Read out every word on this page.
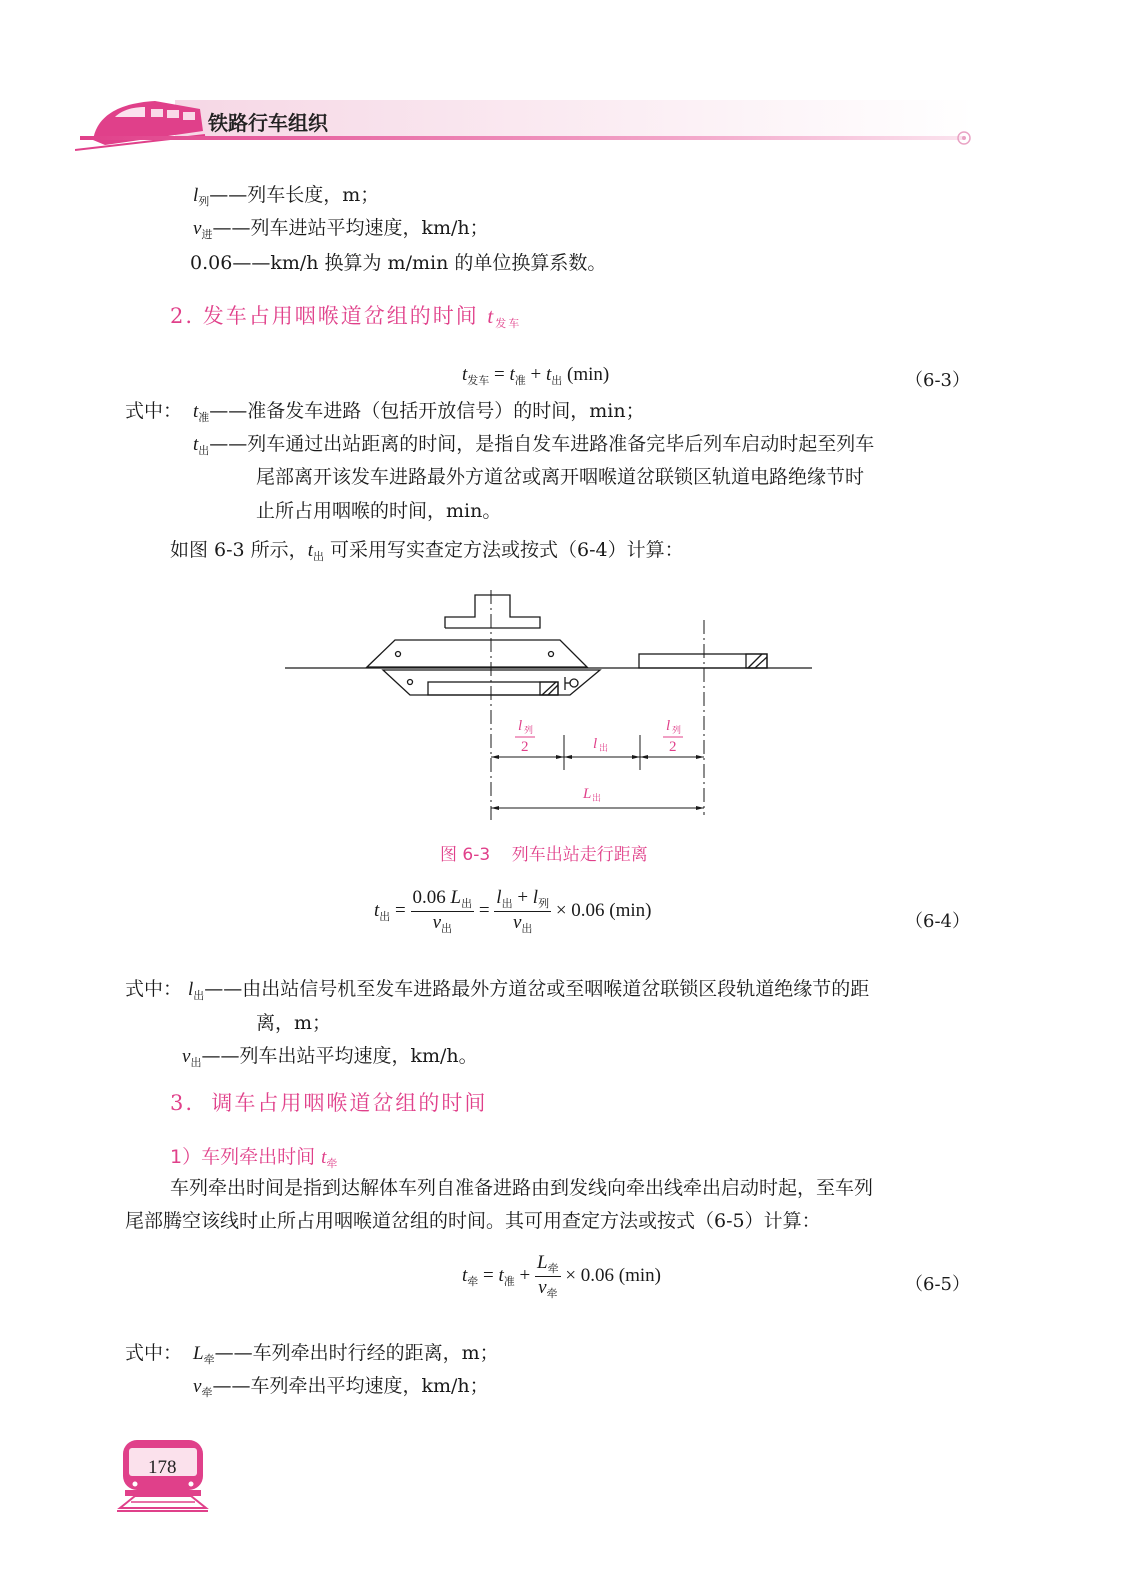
铁路行车组织
$l_列——$列车长度，m；
$v_进——$列车进站平均速度，km/h；
0.06——km/h 换算为 m/min 的单位换算系数。
2. 发车占用咽喉道岔组的时间 $t_{发车}$
$t_{发车} = t_准 + t_出$ (min)	（6-3）
式中： $t_准——$准备发车进路（包括开放信号）的时间，min；
$t_出——$列车通过出站距离的时间，是指自发车进路准备完毕后列车启动时起至列车
尾部离开该发车进路最外方道岔或离开咽喉道岔联锁区轨道电路绝缘节时
止所占用咽喉的时间，min。
如图 6-3 所示，$t_出$ 可采用写实查定方法或按式（6-4）计算：
l 列
2	l 出
l 列
2
L 出
图 6-3    列车出站走行距离
$t_出 = \frac{0.06 L_出}{v_出} = \frac{l_出 + l_列}{v_出} \times 0.06$ (min)
（6-4）
式中： $l_出——$由出站信号机至发车进路最外方道岔或至咽喉道岔联锁区段轨道绝缘节的距
离，m；
$v_出——$列车出站平均速度，km/h。
3.  调车占用咽喉道岔组的时间
1）车列牵出时间 $t_牵$
车列牵出时间是指到达解体车列自准备进路由到发线向牵出线牵出启动时起，至车列
尾部腾空该线时止所占用咽喉道岔组的时间。其可用查定方法或按式（6-5）计算：
$t_牵 = t_准 + \frac{L_牵}{v_牵} \times 0.06$ (min)	（6-5）
式中： $L_牵——$车列牵出时行经的距离，m；
$v_牵——$车列牵出平均速度，km/h；
178
